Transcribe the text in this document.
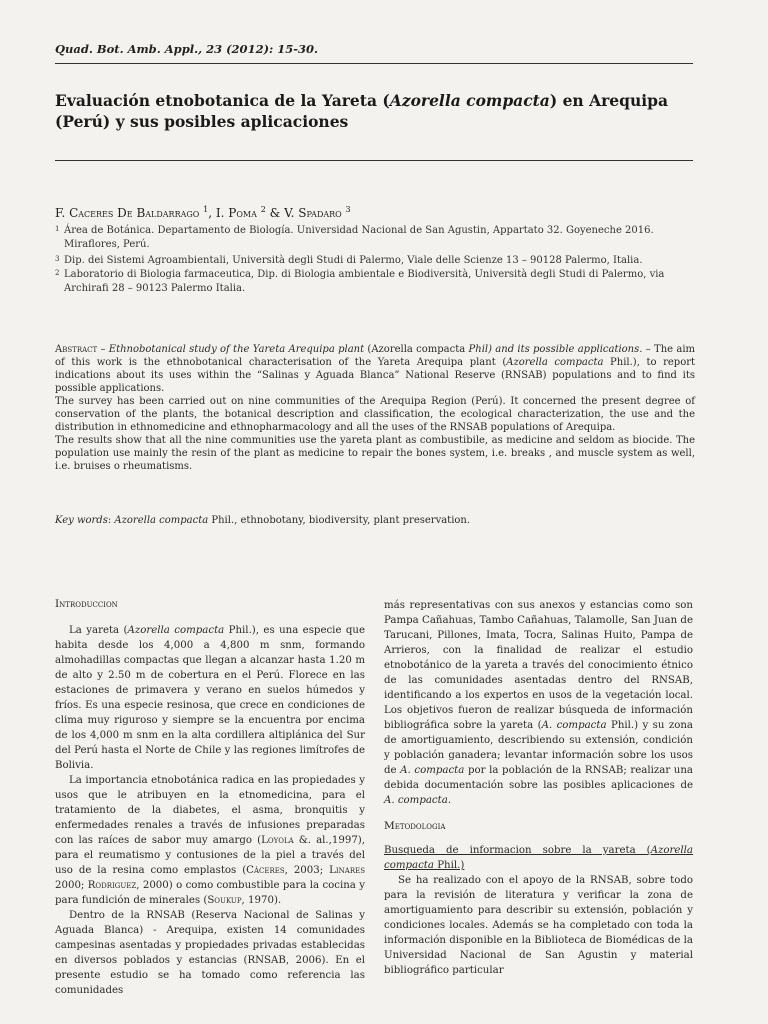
Quad. Bot. Amb. Appl., 23 (2012): 15-30.
Evaluación etnobotanica de la Yareta (Azorella compacta) en Arequipa (Perú) y sus posibles aplicaciones
F. Caceres De Baldarrago $^1$, I. Poma $^2$ & V. Spadaro $^3$
1 Área de Botánica. Departamento de Biología. Universidad Nacional de San Agustin, Appartato 32. Goyeneche 2016. Miraflores, Perú.
3 Dip. dei Sistemi Agroambientali, Università degli Studi di Palermo, Viale delle Scienze 13 – 90128 Palermo, Italia.
2 Laboratorio di Biologia farmaceutica, Dip. di Biologia ambientale e Biodiversità, Università degli Studi di Palermo, via Archirafi 28 – 90123 Palermo Italia.
Abstract – Ethnobotanical study of the Yareta Arequipa plant (Azorella compacta Phil) and its possible applications. – The aim of this work is the ethnobotanical characterisation of the Yareta Arequipa plant (Azorella compacta Phil.), to report indications about its uses within the “Salinas y Aguada Blanca” National Reserve (RNSAB) populations and to find its possible applications.
The survey has been carried out on nine communities of the Arequipa Region (Perú). It concerned the present degree of conservation of the plants, the botanical description and classification, the ecological characterization, the use and the distribution in ethnomedicine and ethnopharmacology and all the uses of the RNSAB populations of Arequipa.
The results show that all the nine communities use the yareta plant as combustibile, as medicine and seldom as biocide. The population use mainly the resin of the plant as medicine to repair the bones system, i.e. breaks , and muscle system as well, i.e. bruises o rheumatisms.
Key words: Azorella compacta Phil., ethnobotany, biodiversity, plant preservation.
Introduccion

La yareta (Azorella compacta Phil.), es una especie que habita desde los 4,000 a 4,800 m snm, formando almohadillas compactas que llegan a alcanzar hasta 1.20 m de alto y 2.50 m de cobertura en el Perú. Florece en las estaciones de primavera y verano en suelos húmedos y fríos. Es una especie resinosa, que crece en condiciones de clima muy riguroso y siempre se la encuentra por encima de los 4,000 m snm en la alta cordillera altiplánica del Sur del Perú hasta el Norte de Chile y las regiones limítrofes de Bolivia.

La importancia etnobotánica radica en las propiedades y usos que le atribuyen en la etnomedicina, para el tratamiento de la diabetes, el asma, bronquitis y enfermedades renales a través de infusiones preparadas con las raíces de sabor muy amargo (Loyola &. al.,1997), para el reumatismo y contusiones de la piel a través del uso de la resina como emplastos (Cáceres, 2003; Linares 2000; Rodriguez, 2000) o como combustible para la cocina y para fundición de minerales (Soukup, 1970).

Dentro de la RNSAB (Reserva Nacional de Salinas y Aguada Blanca) - Arequipa, existen 14 comunidades campesinas asentadas y propiedades privadas establecidas en diversos poblados y estancias (RNSAB, 2006). En el presente estudio se ha tomado como referencia las comunidades

más representativas con sus anexos y estancias como son Pampa Cañahuas, Tambo Cañahuas, Talamolle, San Juan de Tarucani, Pillones, Imata, Tocra, Salinas Huito, Pampa de Arrieros, con la finalidad de realizar el estudio etnobotánico de la yareta a través del conocimiento étnico de las comunidades asentadas dentro del RNSAB, identificando a los expertos en usos de la vegetación local. Los objetivos fueron de realizar búsqueda de información bibliográfica sobre la yareta (A. compacta Phil.) y su zona de amortiguamiento, describiendo su extensión, condición y población ganadera; levantar información sobre los usos de A. compacta por la población de la RNSAB; realizar una debida documentación sobre las posibles aplicaciones de A. compacta.

Metodologia

Busqueda de informacion sobre la yareta (Azorella compacta Phil.)

Se ha realizado con el apoyo de la RNSAB, sobre todo para la revisión de literatura y verificar la zona de amortiguamiento para describir su extensión, población y condiciones locales. Además se ha completado con toda la información disponible en la Biblioteca de Biomédicas de la Universidad Nacional de San Agustin y material bibliográfico particular
